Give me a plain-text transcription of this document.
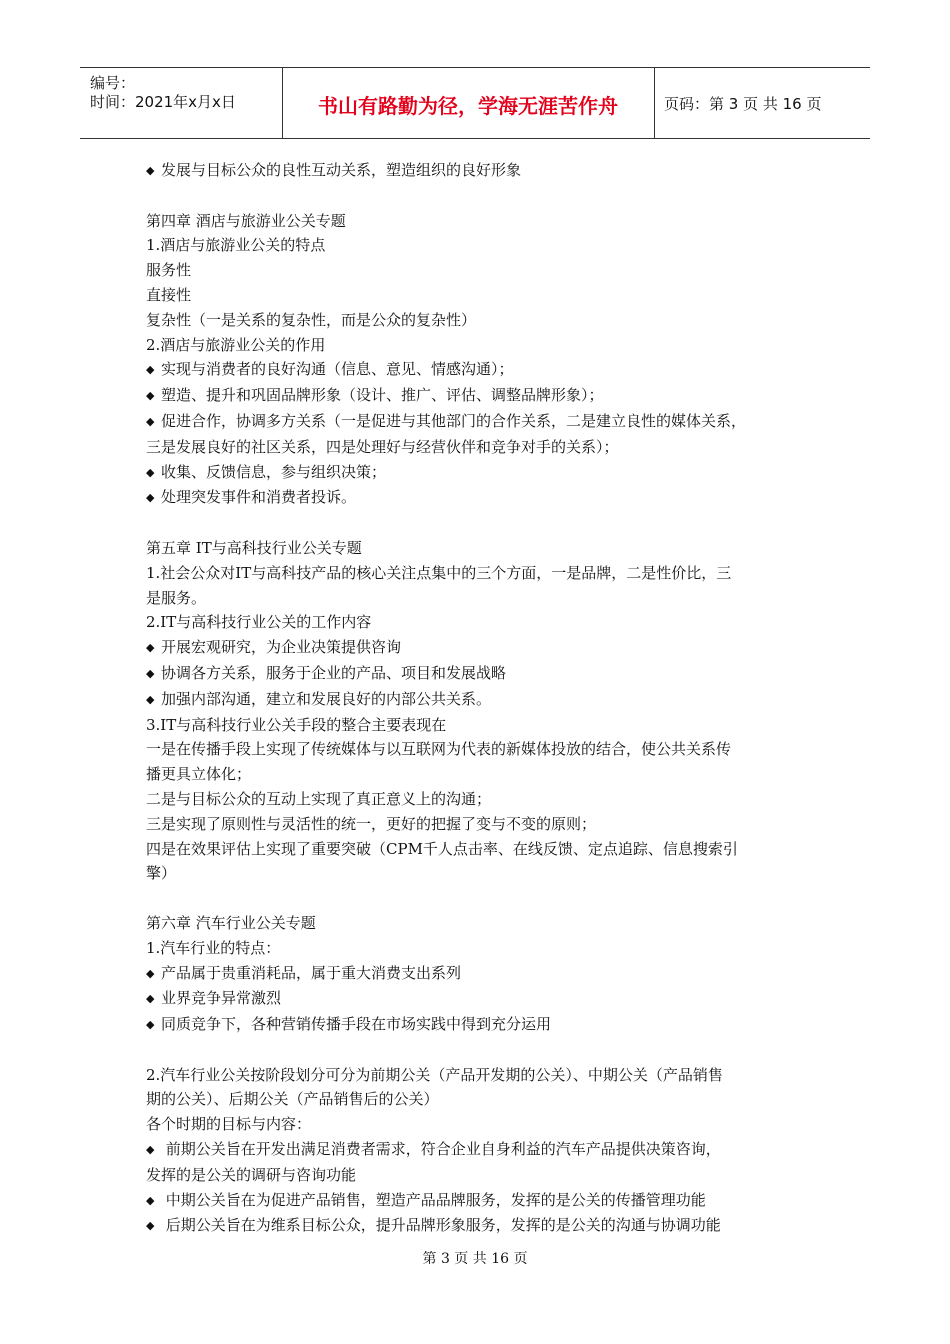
编号：
时间：2021年x月x日	书山有路勤为径，学海无涯苦作舟	页码：第 3 页 共 16 页
◆ 发展与目标公众的良性互动关系，塑造组织的良好形象
第四章 酒店与旅游业公关专题
1.酒店与旅游业公关的特点
服务性
直接性
复杂性（一是关系的复杂性，而是公众的复杂性）
2.酒店与旅游业公关的作用
◆ 实现与消费者的良好沟通（信息、意见、情感沟通）；
◆ 塑造、提升和巩固品牌形象（设计、推广、评估、调整品牌形象）；
◆ 促进合作，协调多方关系（一是促进与其他部门的合作关系，二是建立良性的媒体关系，
三是发展良好的社区关系，四是处理好与经营伙伴和竞争对手的关系）；
◆ 收集、反馈信息，参与组织决策；
◆ 处理突发事件和消费者投诉。
第五章 IT与高科技行业公关专题
1.社会公众对IT与高科技产品的核心关注点集中的三个方面，一是品牌，二是性价比，三
是服务。
2.IT与高科技行业公关的工作内容
◆ 开展宏观研究，为企业决策提供咨询
◆ 协调各方关系，服务于企业的产品、项目和发展战略
◆ 加强内部沟通，建立和发展良好的内部公共关系。
3.IT与高科技行业公关手段的整合主要表现在
一是在传播手段上实现了传统媒体与以互联网为代表的新媒体投放的结合，使公共关系传
播更具立体化；
二是与目标公众的互动上实现了真正意义上的沟通；
三是实现了原则性与灵活性的统一，更好的把握了变与不变的原则；
四是在效果评估上实现了重要突破（CPM千人点击率、在线反馈、定点追踪、信息搜索引
擎）
第六章 汽车行业公关专题
1.汽车行业的特点：
◆ 产品属于贵重消耗品，属于重大消费支出系列
◆ 业界竞争异常激烈
◆ 同质竞争下，各种营销传播手段在市场实践中得到充分运用
2.汽车行业公关按阶段划分可分为前期公关（产品开发期的公关）、中期公关（产品销售
期的公关）、后期公关（产品销售后的公关）
各个时期的目标与内容：
◆ 前期公关旨在开发出满足消费者需求，符合企业自身利益的汽车产品提供决策咨询，
发挥的是公关的调研与咨询功能
◆ 中期公关旨在为促进产品销售，塑造产品品牌服务，发挥的是公关的传播管理功能
◆ 后期公关旨在为维系目标公众，提升品牌形象服务，发挥的是公关的沟通与协调功能
第 3 页 共 16 页
